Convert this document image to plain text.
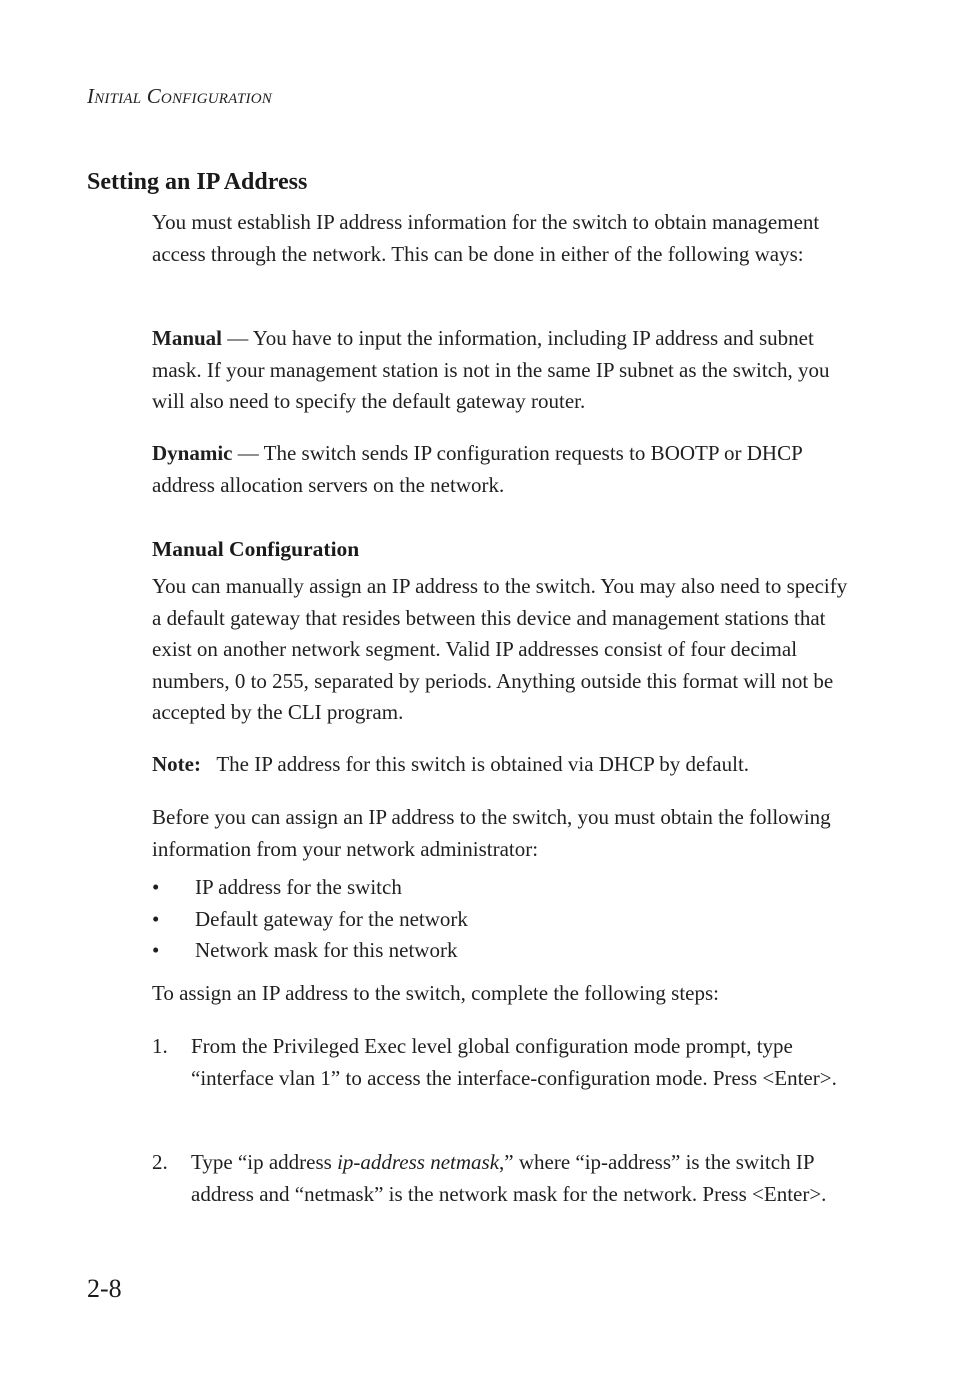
INITIAL CONFIGURATION
Setting an IP Address

You must establish IP address information for the switch to obtain management access through the network. This can be done in either of the following ways:

Manual — You have to input the information, including IP address and subnet mask. If your management station is not in the same IP subnet as the switch, you will also need to specify the default gateway router.

Dynamic — The switch sends IP configuration requests to BOOTP or DHCP address allocation servers on the network.

Manual Configuration

You can manually assign an IP address to the switch. You may also need to specify a default gateway that resides between this device and management stations that exist on another network segment. Valid IP addresses consist of four decimal numbers, 0 to 255, separated by periods. Anything outside this format will not be accepted by the CLI program.

Note: The IP address for this switch is obtained via DHCP by default.

Before you can assign an IP address to the switch, you must obtain the following information from your network administrator:

•	IP address for the switch
•	Default gateway for the network
•	Network mask for this network

To assign an IP address to the switch, complete the following steps:

1. From the Privileged Exec level global configuration mode prompt, type “interface vlan 1” to access the interface-configuration mode. Press <Enter>.
2. Type “ip address ip-address netmask,” where “ip-address” is the switch IP address and “netmask” is the network mask for the network. Press <Enter>.
2-8
